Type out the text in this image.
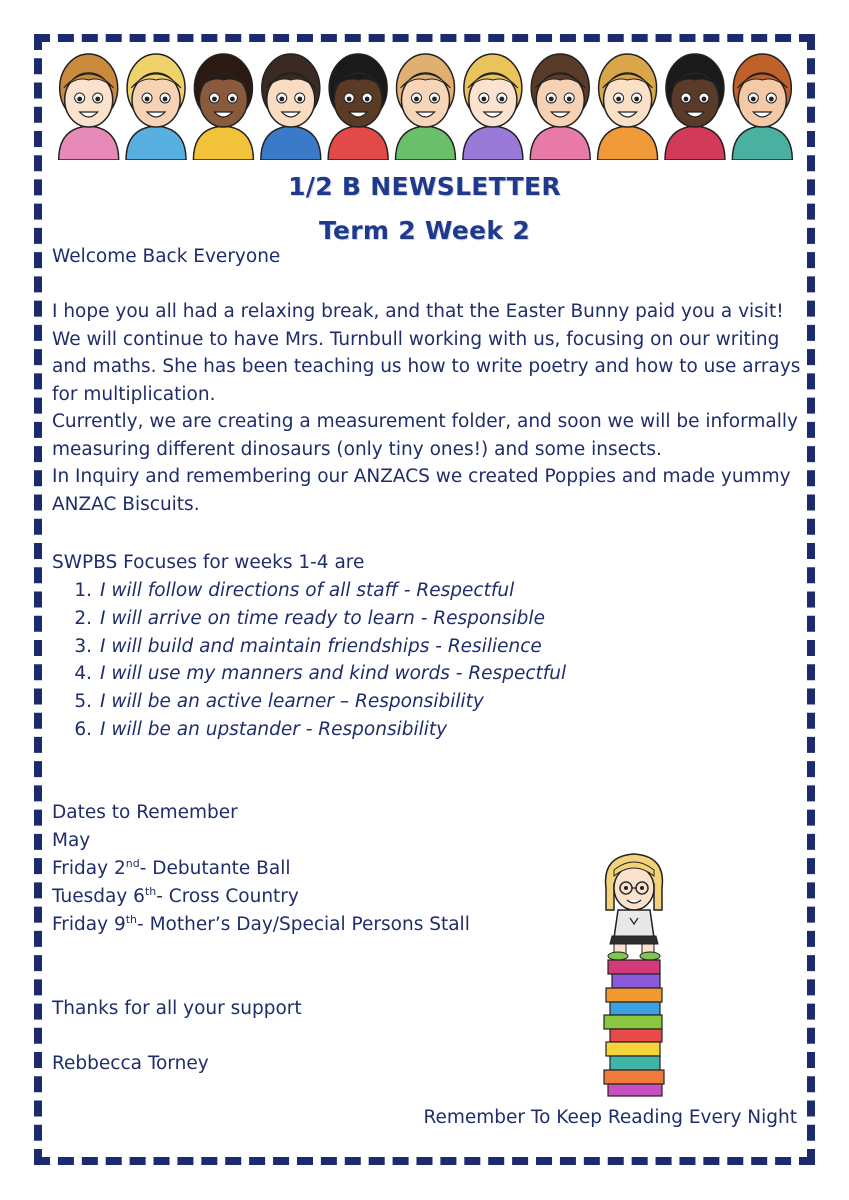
1/2 B NEWSLETTER
Term 2 Week 2
Welcome Back Everyone

I hope you all had a relaxing break, and that the Easter Bunny paid you a visit! We will continue to have Mrs. Turnbull working with us, focusing on our writing and maths. She has been teaching us how to write poetry and how to use arrays for multiplication.

Currently, we are creating a measurement folder, and soon we will be informally measuring different dinosaurs (only tiny ones!) and some insects.

In Inquiry and remembering our ANZACS we created Poppies and made yummy ANZAC Biscuits.

SWPBS Focuses for weeks 1-4 are
1. I will follow directions of all staff - Respectful
2. I will arrive on time ready to learn - Responsible
3. I will build and maintain friendships - Resilience
4. I will use my manners and kind words - Respectful
5. I will be an active learner – Responsibility
6. I will be an upstander - Responsibility
Dates to Remember
May
Friday 2nd- Debutante Ball
Tuesday 6th- Cross Country
Friday 9th- Mother’s Day/Special Persons Stall
Thanks for all your support
Rebbecca Torney
Remember To Keep Reading Every Night
